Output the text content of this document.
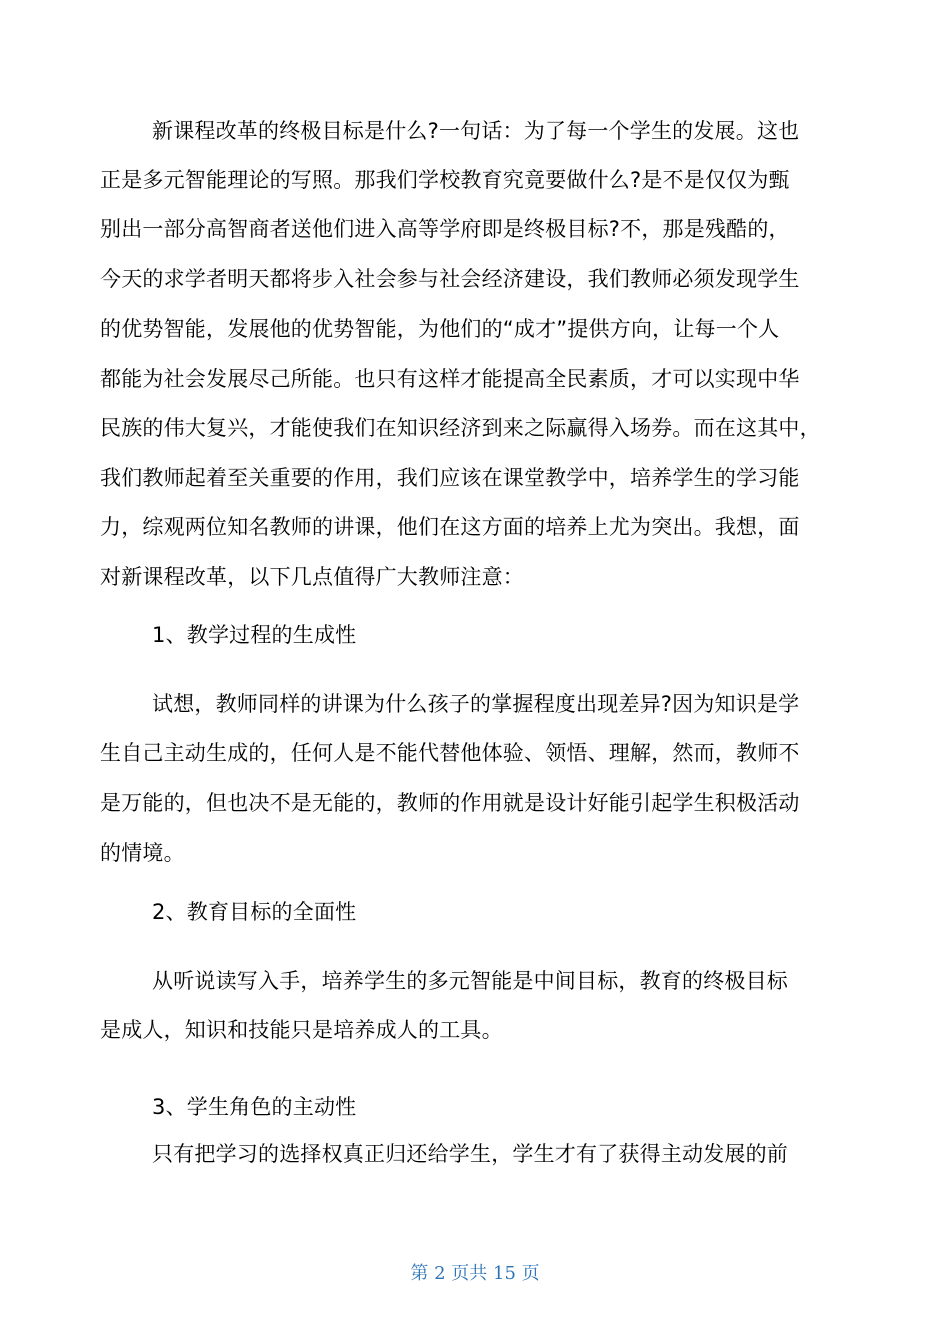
新课程改革的终极目标是什么?一句话：为了每一个学生的发展。这也
正是多元智能理论的写照。那我们学校教育究竟要做什么?是不是仅仅为甄
别出一部分高智商者送他们进入高等学府即是终极目标?不，那是残酷的，
今天的求学者明天都将步入社会参与社会经济建设，我们教师必须发现学生
的优势智能，发展他的优势智能，为他们的“成才”提供方向，让每一个人
都能为社会发展尽己所能。也只有这样才能提高全民素质，才可以实现中华
民族的伟大复兴，才能使我们在知识经济到来之际赢得入场券。而在这其中，
我们教师起着至关重要的作用，我们应该在课堂教学中，培养学生的学习能
力，综观两位知名教师的讲课，他们在这方面的培养上尤为突出。我想，面
对新课程改革，以下几点值得广大教师注意：
1、教学过程的生成性
试想，教师同样的讲课为什么孩子的掌握程度出现差异?因为知识是学
生自己主动生成的，任何人是不能代替他体验、领悟、理解，然而，教师不
是万能的，但也决不是无能的，教师的作用就是设计好能引起学生积极活动
的情境。
2、教育目标的全面性
从听说读写入手，培养学生的多元智能是中间目标，教育的终极目标
是成人，知识和技能只是培养成人的工具。
3、学生角色的主动性
只有把学习的选择权真正归还给学生，学生才有了获得主动发展的前
第 2 页共 15 页
